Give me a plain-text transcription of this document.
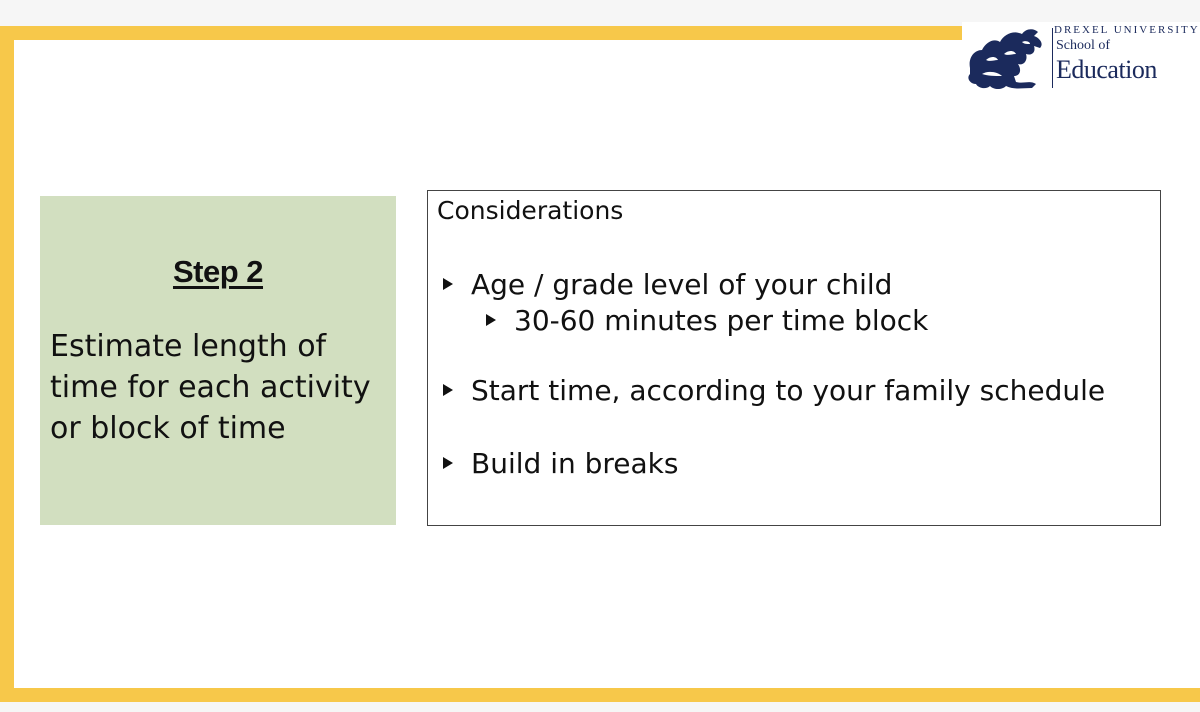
DREXEL UNIVERSITY
School of
Education
Step 2
Estimate length of time for each activity or block of time
Considerations
Age / grade level of your child
30-60 minutes per time block
Start time, according to your family schedule
Build in breaks
